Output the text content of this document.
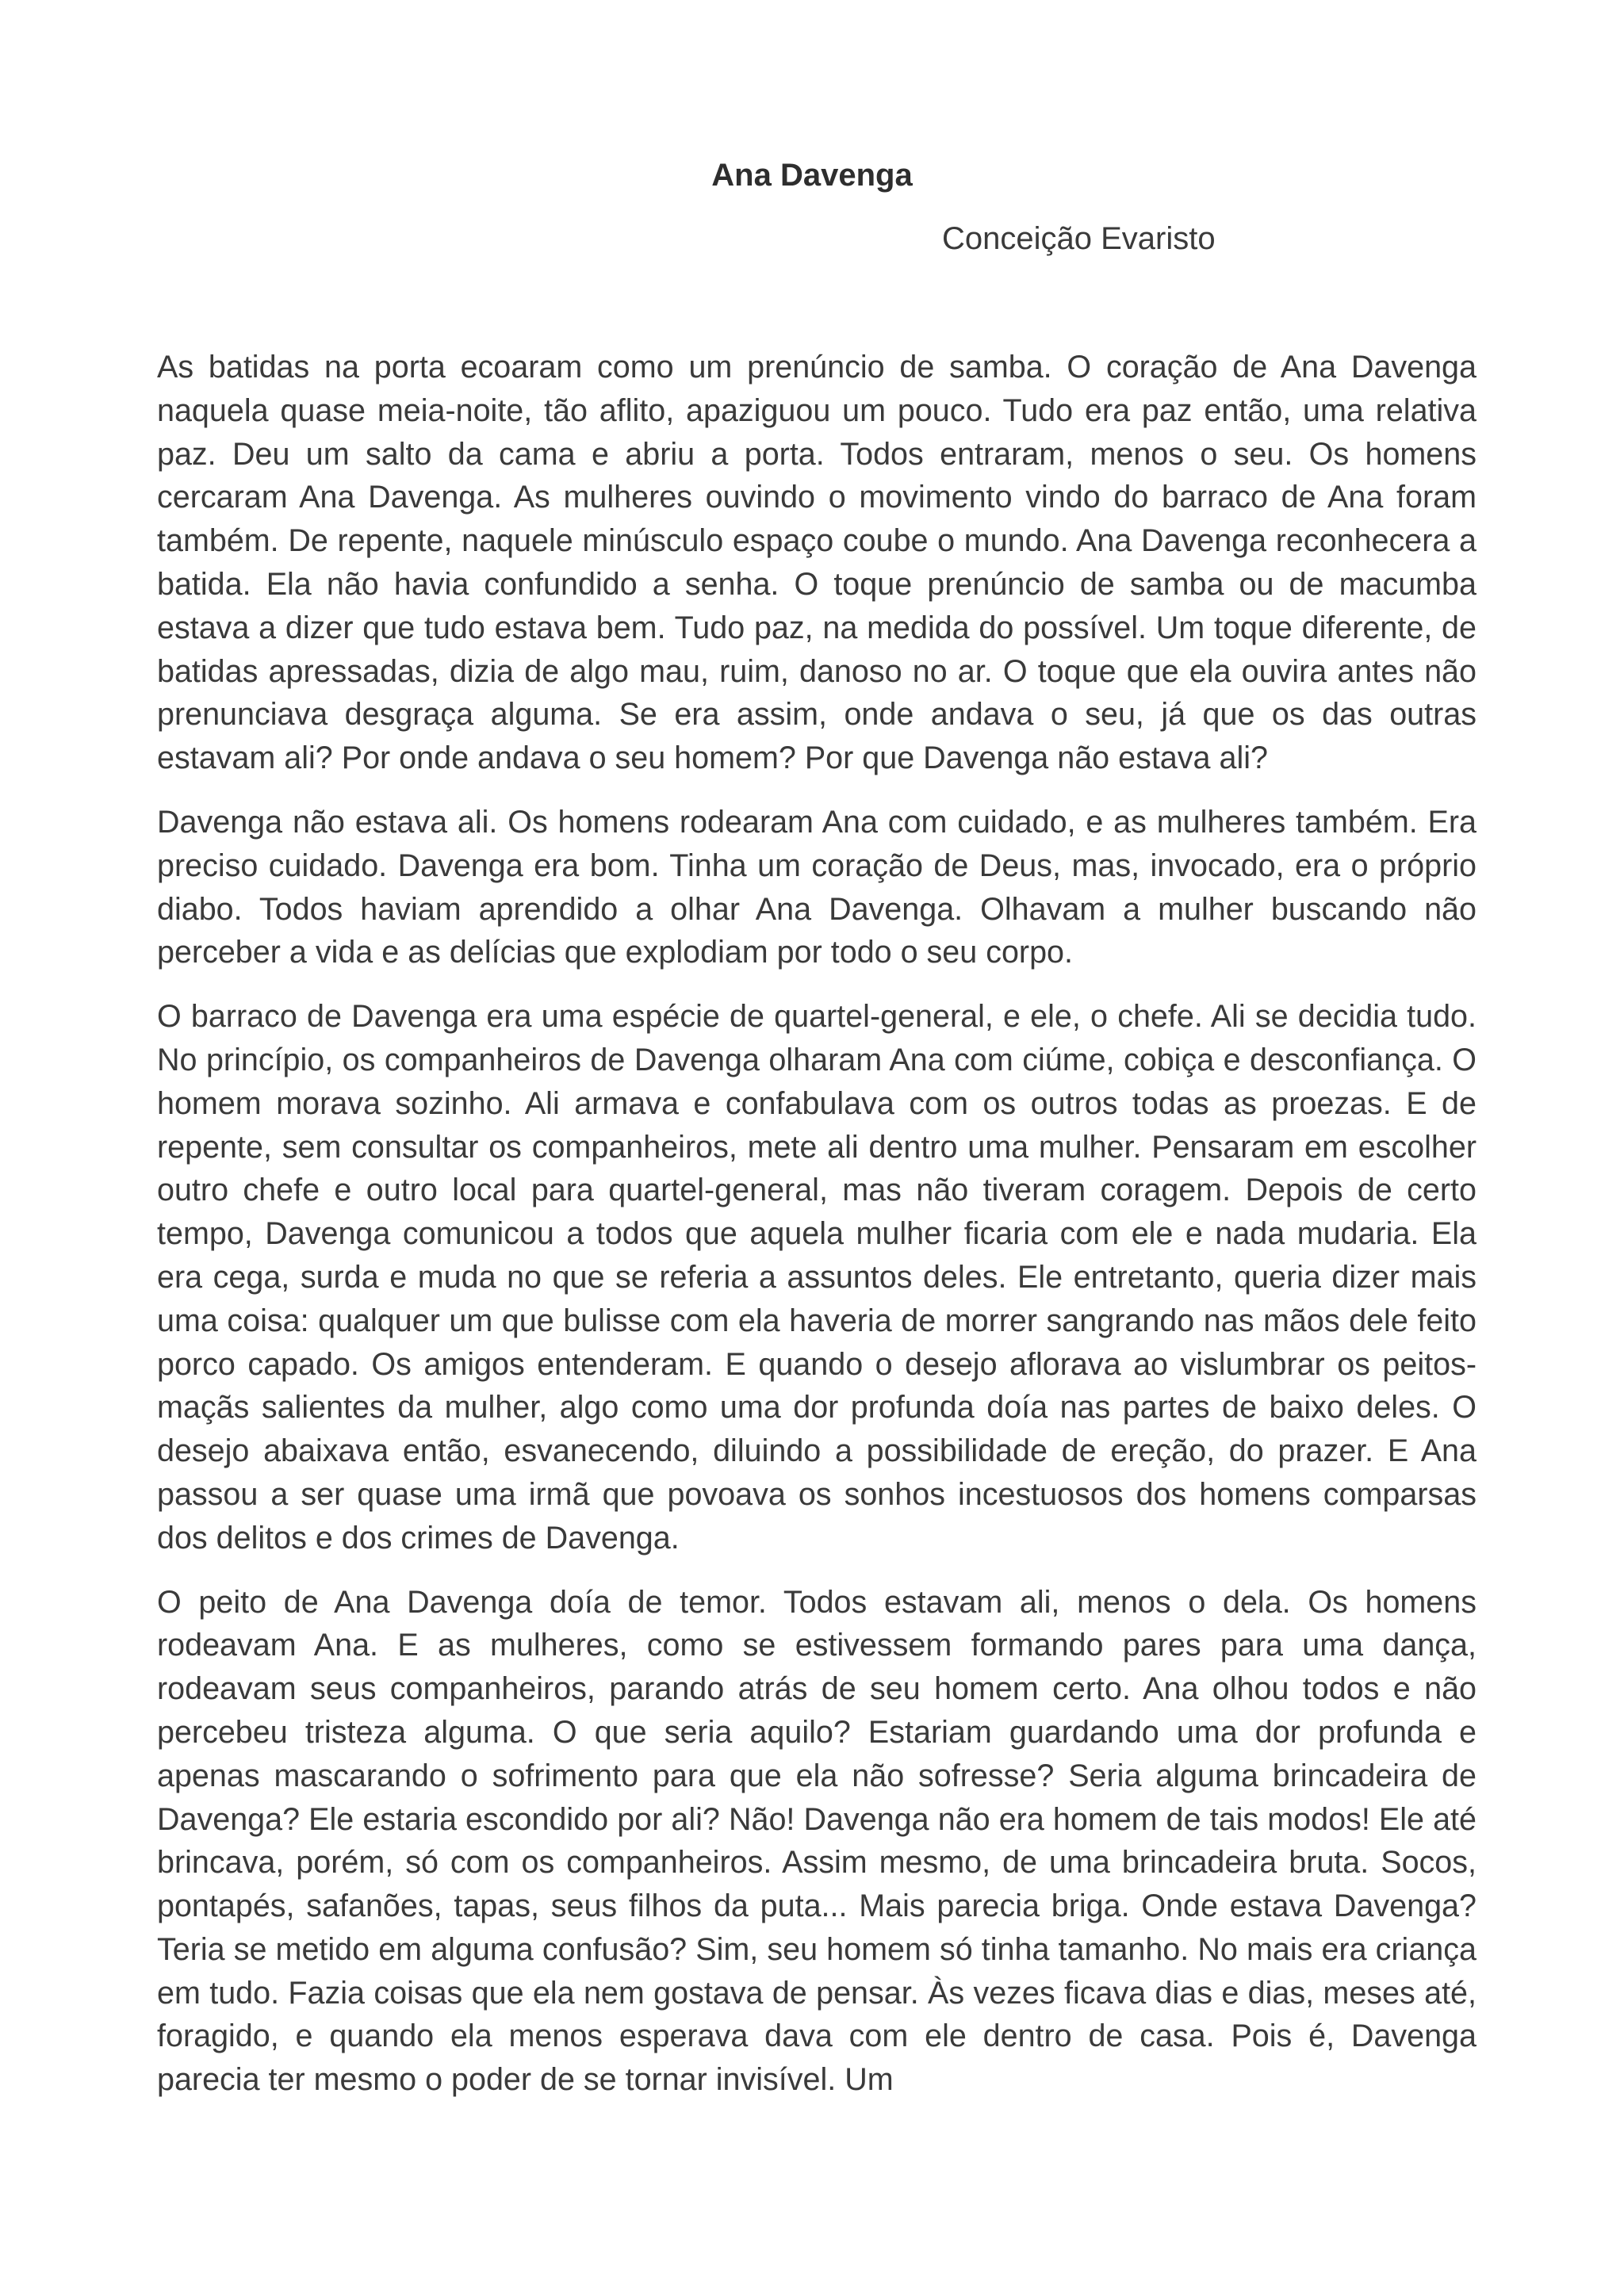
Ana Davenga
Conceição Evaristo

As batidas na porta ecoaram como um prenúncio de samba. O coração de Ana Davenga naquela quase meia-noite, tão aflito, apaziguou um pouco. Tudo era paz então, uma relativa paz. Deu um salto da cama e abriu a porta. Todos entraram, menos o seu. Os homens cercaram Ana Davenga. As mulheres ouvindo o movimento vindo do barraco de Ana foram também. De repente, naquele minúsculo espaço coube o mundo. Ana Davenga reconhecera a batida. Ela não havia confundido a senha. O toque prenúncio de samba ou de macumba estava a dizer que tudo estava bem. Tudo paz, na medida do possível. Um toque diferente, de batidas apressadas, dizia de algo mau, ruim, danoso no ar. O toque que ela ouvira antes não prenunciava desgraça alguma. Se era assim, onde andava o seu, já que os das outras estavam ali? Por onde andava o seu homem? Por que Davenga não estava ali?

Davenga não estava ali. Os homens rodearam Ana com cuidado, e as mulheres também. Era preciso cuidado. Davenga era bom. Tinha um coração de Deus, mas, invocado, era o próprio diabo. Todos haviam aprendido a olhar Ana Davenga. Olhavam a mulher buscando não perceber a vida e as delícias que explodiam por todo o seu corpo.

O barraco de Davenga era uma espécie de quartel-general, e ele, o chefe. Ali se decidia tudo. No princípio, os companheiros de Davenga olharam Ana com ciúme, cobiça e desconfiança. O homem morava sozinho. Ali armava e confabulava com os outros todas as proezas. E de repente, sem consultar os companheiros, mete ali dentro uma mulher. Pensaram em escolher outro chefe e outro local para quartel-general, mas não tiveram coragem. Depois de certo tempo, Davenga comunicou a todos que aquela mulher ficaria com ele e nada mudaria. Ela era cega, surda e muda no que se referia a assuntos deles. Ele entretanto, queria dizer mais uma coisa: qualquer um que bulisse com ela haveria de morrer sangrando nas mãos dele feito porco capado. Os amigos entenderam. E quando o desejo aflorava ao vislumbrar os peitos-maçãs salientes da mulher, algo como uma dor profunda doía nas partes de baixo deles. O desejo abaixava então, esvanecendo, diluindo a possibilidade de ereção, do prazer. E Ana passou a ser quase uma irmã que povoava os sonhos incestuosos dos homens comparsas dos delitos e dos crimes de Davenga.

O peito de Ana Davenga doía de temor. Todos estavam ali, menos o dela. Os homens rodeavam Ana. E as mulheres, como se estivessem formando pares para uma dança, rodeavam seus companheiros, parando atrás de seu homem certo. Ana olhou todos e não percebeu tristeza alguma. O que seria aquilo? Estariam guardando uma dor profunda e apenas mascarando o sofrimento para que ela não sofresse? Seria alguma brincadeira de Davenga? Ele estaria escondido por ali? Não! Davenga não era homem de tais modos! Ele até brincava, porém, só com os companheiros. Assim mesmo, de uma brincadeira bruta. Socos, pontapés, safanões, tapas, seus filhos da puta... Mais parecia briga. Onde estava Davenga? Teria se metido em alguma confusão? Sim, seu homem só tinha tamanho. No mais era criança em tudo. Fazia coisas que ela nem gostava de pensar. Às vezes ficava dias e dias, meses até, foragido, e quando ela menos esperava dava com ele dentro de casa. Pois é, Davenga parecia ter mesmo o poder de se tornar invisível. Um
